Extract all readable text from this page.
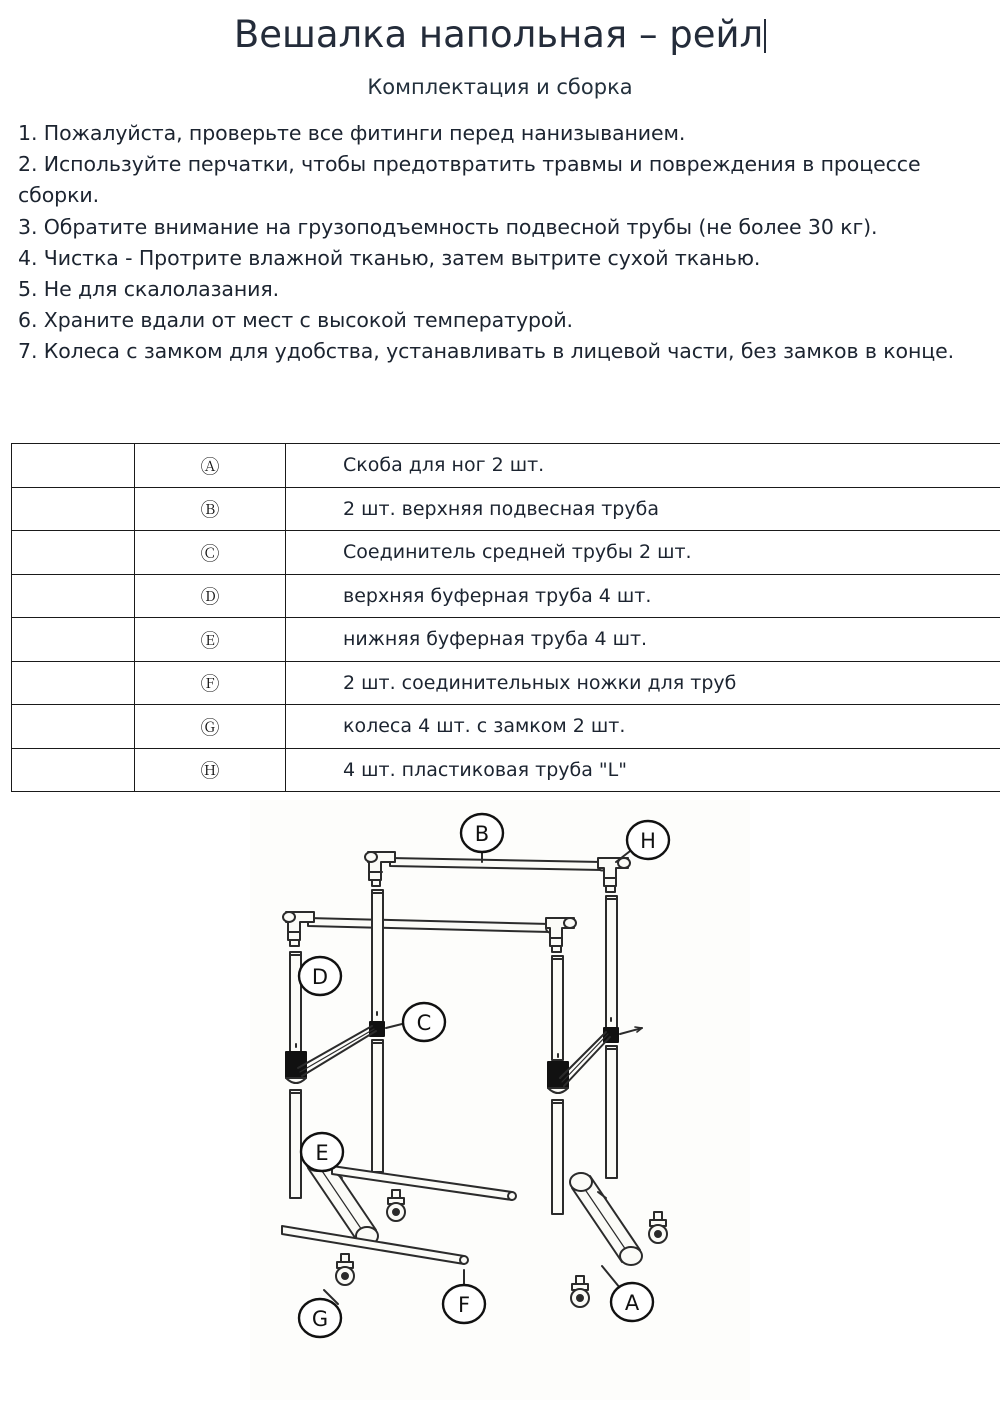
Вешалка напольная – рейл
Комплектация и сборка
1. Пожалуйста, проверьте все фитинги перед нанизыванием.
2. Используйте перчатки, чтобы предотвратить травмы и повреждения в процессе сборки.
3. Обратите внимание на грузоподъемность подвесной трубы (не более 30 кг).
4. Чистка - Протрите влажной тканью, затем вытрите сухой тканью.
5. Не для скалолазания.
6. Храните вдали от мест с высокой температурой.
7. Колеса с замком для удобства, устанавливать в лицевой части, без замков в конце.
	Ⓐ	Скоба для ног 2 шт.
	Ⓑ	2 шт. верхняя подвесная труба
	Ⓒ	Соединитель средней трубы 2 шт.
	Ⓓ	верхняя буферная труба 4 шт.
	Ⓔ	нижняя буферная труба 4 шт.
	Ⓕ	2 шт. соединительных ножки для труб
	Ⓖ	колеса 4 шт. с замком 2 шт.
	Ⓗ	4 шт. пластиковая труба "L"
B	H
D
C
E
G
F	A
